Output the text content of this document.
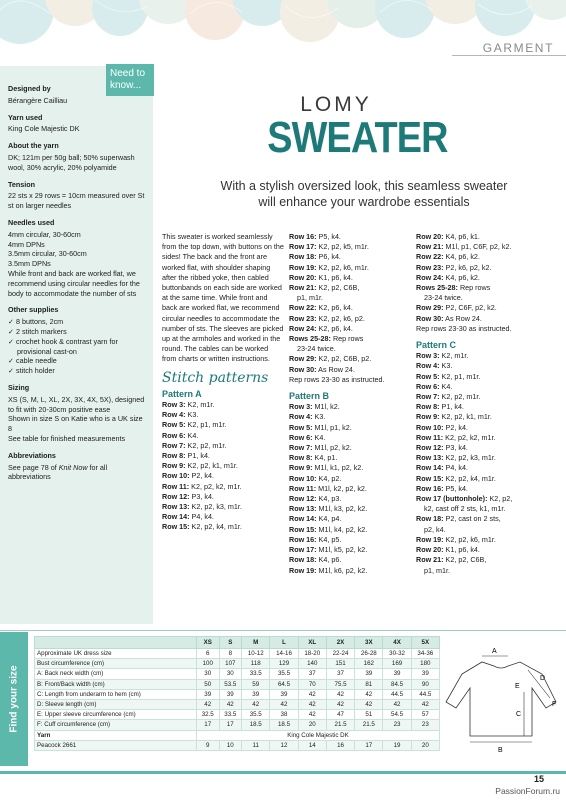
GARMENT
Designed by
Bérangère Cailliau
Yarn used
King Cole Majestic DK
About the yarn
DK; 121m per 50g ball; 50% superwash wool, 30% acrylic, 20% polyamide
Tension
22 sts x 29 rows = 10cm measured over St st on larger needles
Needles used
4mm circular, 30-60cm
4mm DPNs
3.5mm circular, 30-60cm
3.5mm DPNs
While front and back are worked flat, we recommend using circular needles for the body to accommodate the number of sts
Other supplies
✓ 8 buttons, 2cm
✓ 2 stitch markers
✓ crochet hook & contrast yarn for provisional cast-on
✓ cable needle
✓ stitch holder
Sizing
XS (S, M, L, XL, 2X, 3X, 4X, 5X), designed to fit with 20-30cm positive ease
Shown in size S on Katie who is a UK size 8
See table for finished measurements
Abbreviations
See page 78 of Knit Now for all abbreviations
Need to know...
LOMY
SWEATER
With a stylish oversized look, this seamless sweater will enhance your wardrobe essentials
This sweater is worked seamlessly from the top down, with buttons on the sides! The back and the front are worked flat, with shoulder shaping after the ribbed yoke, then cabled buttonbands on each side are worked at the same time. While front and back are worked flat, we recommend circular needles to accommodate the number of sts. The sleeves are picked up at the armholes and worked in the round. The cables can be worked from charts or written instructions.
Stitch patterns
Pattern A
Row 3: K2, m1r.
Row 4: K3.
Row 5: K2, p1, m1r.
Row 6: K4.
Row 7: K2, p2, m1r.
Row 8: P1, k4.
Row 9: K2, p2, k1, m1r.
Row 10: P2, k4.
Row 11: K2, p2, k2, m1r.
Row 12: P3, k4.
Row 13: K2, p2, k3, m1r.
Row 14: P4, k4.
Row 15: K2, p2, k4, m1r.
Row 16: P5, k4.
Row 17: K2, p2, k5, m1r.
Row 18: P6, k4.
Row 19: K2, p2, k6, m1r.
Row 20: K1, p6, k4.
Row 21: K2, p2, C6B,
p1, m1r.
Row 22: K2, p6, k4.
Row 23: K2, p2, k6, p2.
Row 24: K2, p6, k4.
Rows 25-28: Rep rows
23-24 twice.
Row 29: K2, p2, C6B, p2.
Row 30: As Row 24.
Rep rows 23-30 as instructed.
Pattern B
Row 3: M1l, k2.
Row 4: K3.
Row 5: M1l, p1, k2.
Row 6: K4.
Row 7: M1l, p2, k2.
Row 8: K4, p1.
Row 9: M1l, k1, p2, k2.
Row 10: K4, p2.
Row 11: M1l, k2, p2, k2.
Row 12: K4, p3.
Row 13: M1l, k3, p2, k2.
Row 14: K4, p4.
Row 15: M1l, k4, p2, k2.
Row 16: K4, p5.
Row 17: M1l, k5, p2, k2.
Row 18: K4, p6.
Row 19: M1l, k6, p2, k2.
Row 20: K4, p6, k1.
Row 21: M1l, p1, C6F, p2, k2.
Row 22: K4, p6, k2.
Row 23: P2, k6, p2, k2.
Row 24: K4, p6, k2.
Rows 25-28: Rep rows
23-24 twice.
Row 29: P2, C6F, p2, k2.
Row 30: As Row 24.
Rep rows 23-30 as instructed.
Pattern C
Row 3: K2, m1r.
Row 4: K3.
Row 5: K2, p1, m1r.
Row 6: K4.
Row 7: K2, p2, m1r.
Row 8: P1, k4.
Row 9: K2, p2, k1, m1r.
Row 10: P2, k4.
Row 11: K2, p2, k2, m1r.
Row 12: P3, k4.
Row 13: K2, p2, k3, m1r.
Row 14: P4, k4.
Row 15: K2, p2, k4, m1r.
Row 16: P5, k4.
Row 17 (buttonhole): K2, p2,
k2, cast off 2 sts, k1, m1r.
Row 18: P2, cast on 2 sts,
p2, k4.
Row 19: K2, p2, k6, m1r.
Row 20: K1, p6, k4.
Row 21: K2, p2, C6B,
p1, m1r.
Find your size
	XS	S	M	L	XL	2X	3X	4X	5X
Approximate UK dress size	6	8	10-12	14-16	18-20	22-24	26-28	30-32	34-36
Bust circumference (cm)	100	107	118	129	140	151	162	169	180
A: Back neck width (cm)	30	30	33.5	35.5	37	37	39	39	39
B: Front/Back width (cm)	50	53.5	59	64.5	70	75.5	81	84.5	90
C: Length from underarm to hem (cm)	39	39	39	39	42	42	42	44.5	44.5
D: Sleeve length (cm)	42	42	42	42	42	42	42	42	42
E: Upper sleeve circumference (cm)	32.5	33.5	35.5	38	42	47	51	54.5	57
F: Cuff circumference (cm)	17	17	18.5	18.5	20	21.5	21.5	23	23
Yarn	King Cole Majestic DK								
Peacock 2661	9	10	11	12	14	16	17	19	20
A
B
C
D
E
F
15
PassionForum.ru
